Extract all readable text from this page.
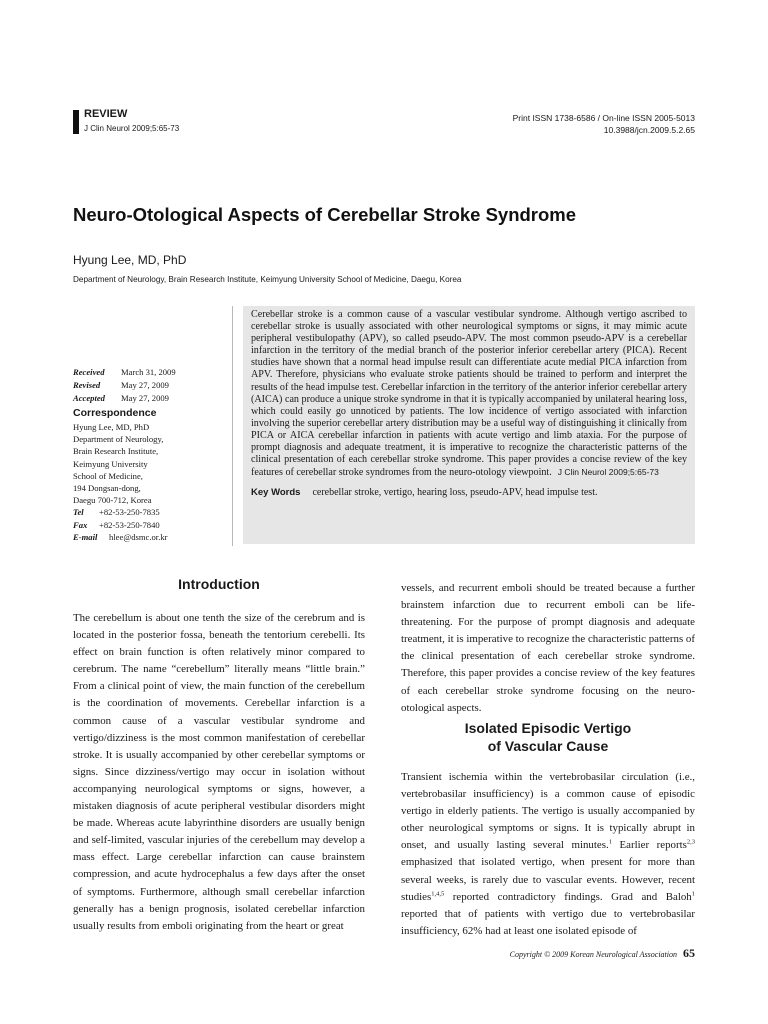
REVIEW
J Clin Neurol 2009;5:65-73
Print ISSN 1738-6586 / On-line ISSN 2005-5013
10.3988/jcn.2009.5.2.65
Neuro-Otological Aspects of Cerebellar Stroke Syndrome
Hyung Lee, MD, PhD
Department of Neurology, Brain Research Institute, Keimyung University School of Medicine, Daegu, Korea
Cerebellar stroke is a common cause of a vascular vestibular syndrome. Although vertigo ascribed to cerebellar stroke is usually associated with other neurological symptoms or signs, it may mimic acute peripheral vestibulopathy (APV), so called pseudo-APV. The most common pseudo-APV is a cerebellar infarction in the territory of the medial branch of the posterior inferior cerebellar artery (PICA). Recent studies have shown that a normal head impulse result can differentiate acute medial PICA infarction from APV. Therefore, physicians who evaluate stroke patients should be trained to perform and interpret the results of the head impulse test. Cerebellar infarction in the territory of the anterior inferior cerebellar artery (AICA) can produce a unique stroke syndrome in that it is typically accompanied by unilateral hearing loss, which could easily go unnoticed by patients. The low incidence of vertigo associated with infarction involving the superior cerebellar artery distribution may be a useful way of distinguishing it clinically from PICA or AICA cerebellar infarction in patients with acute vertigo and limb ataxia. For the purpose of prompt diagnosis and adequate treatment, it is imperative to recognize the characteristic patterns of the clinical presentation of each cerebellar stroke syndrome. This paper provides a concise review of the key features of cerebellar stroke syndromes from the neuro-otology viewpoint. J Clin Neurol 2009;5:65-73
Key Words cerebellar stroke, vertigo, hearing loss, pseudo-APV, head impulse test.
Received March 31, 2009
Revised May 27, 2009
Accepted May 27, 2009
Correspondence
Hyung Lee, MD, PhD
Department of Neurology,
Brain Research Institute,
Keimyung University
School of Medicine,
194 Dongsan-dong,
Daegu 700-712, Korea
Tel +82-53-250-7835
Fax +82-53-250-7840
E-mail hlee@dsmc.or.kr
Introduction
The cerebellum is about one tenth the size of the cerebrum and is located in the posterior fossa, beneath the tentorium cerebelli. Its effect on brain function is often relatively minor compared to cerebrum. The name “cerebellum” literally means “little brain.” From a clinical point of view, the main function of the cerebellum is the coordination of movements. Cerebellar infarction is a common cause of a vascular vestibular syndrome and vertigo/dizziness is the most common manifestation of cerebellar stroke. It is usually accompanied by other cerebellar symptoms or signs. Since dizziness/vertigo may occur in isolation without accompanying neurological symptoms or signs, however, a mistaken diagnosis of acute peripheral vestibular disorders might be made. Whereas acute labyrinthine disorders are usually benign and self-limited, vascular injuries of the cerebellum may develop a mass effect. Large cerebellar infarction can cause brainstem compression, and acute hydrocephalus a few days after the onset of symptoms. Furthermore, although small cerebellar infarction generally has a benign prognosis, isolated cerebellar infarction usually results from emboli originating from the heart or great
vessels, and recurrent emboli should be treated because a further brainstem infarction due to recurrent emboli can be life-threatening. For the purpose of prompt diagnosis and adequate treatment, it is imperative to recognize the characteristic patterns of the clinical presentation of each cerebellar stroke syndrome. Therefore, this paper provides a concise review of the key features of each cerebellar stroke syndrome focusing on the neuro-otological aspects.
Isolated Episodic Vertigo
of Vascular Cause
Transient ischemia within the vertebrobasilar circulation (i.e., vertebrobasilar insufficiency) is a common cause of episodic vertigo in elderly patients. The vertigo is usually accompanied by other neurological symptoms or signs. It is typically abrupt in onset, and usually lasting several minutes.$^1$ Earlier reports$^{2,3}$ emphasized that isolated vertigo, when present for more than several weeks, is rarely due to vascular events. However, recent studies$^{1,4,5}$ reported contradictory findings. Grad and Baloh$^1$ reported that of patients with vertigo due to vertebrobasilar insufficiency, 62% had at least one isolated episode of
Copyright © 2009 Korean Neurological Association 65
